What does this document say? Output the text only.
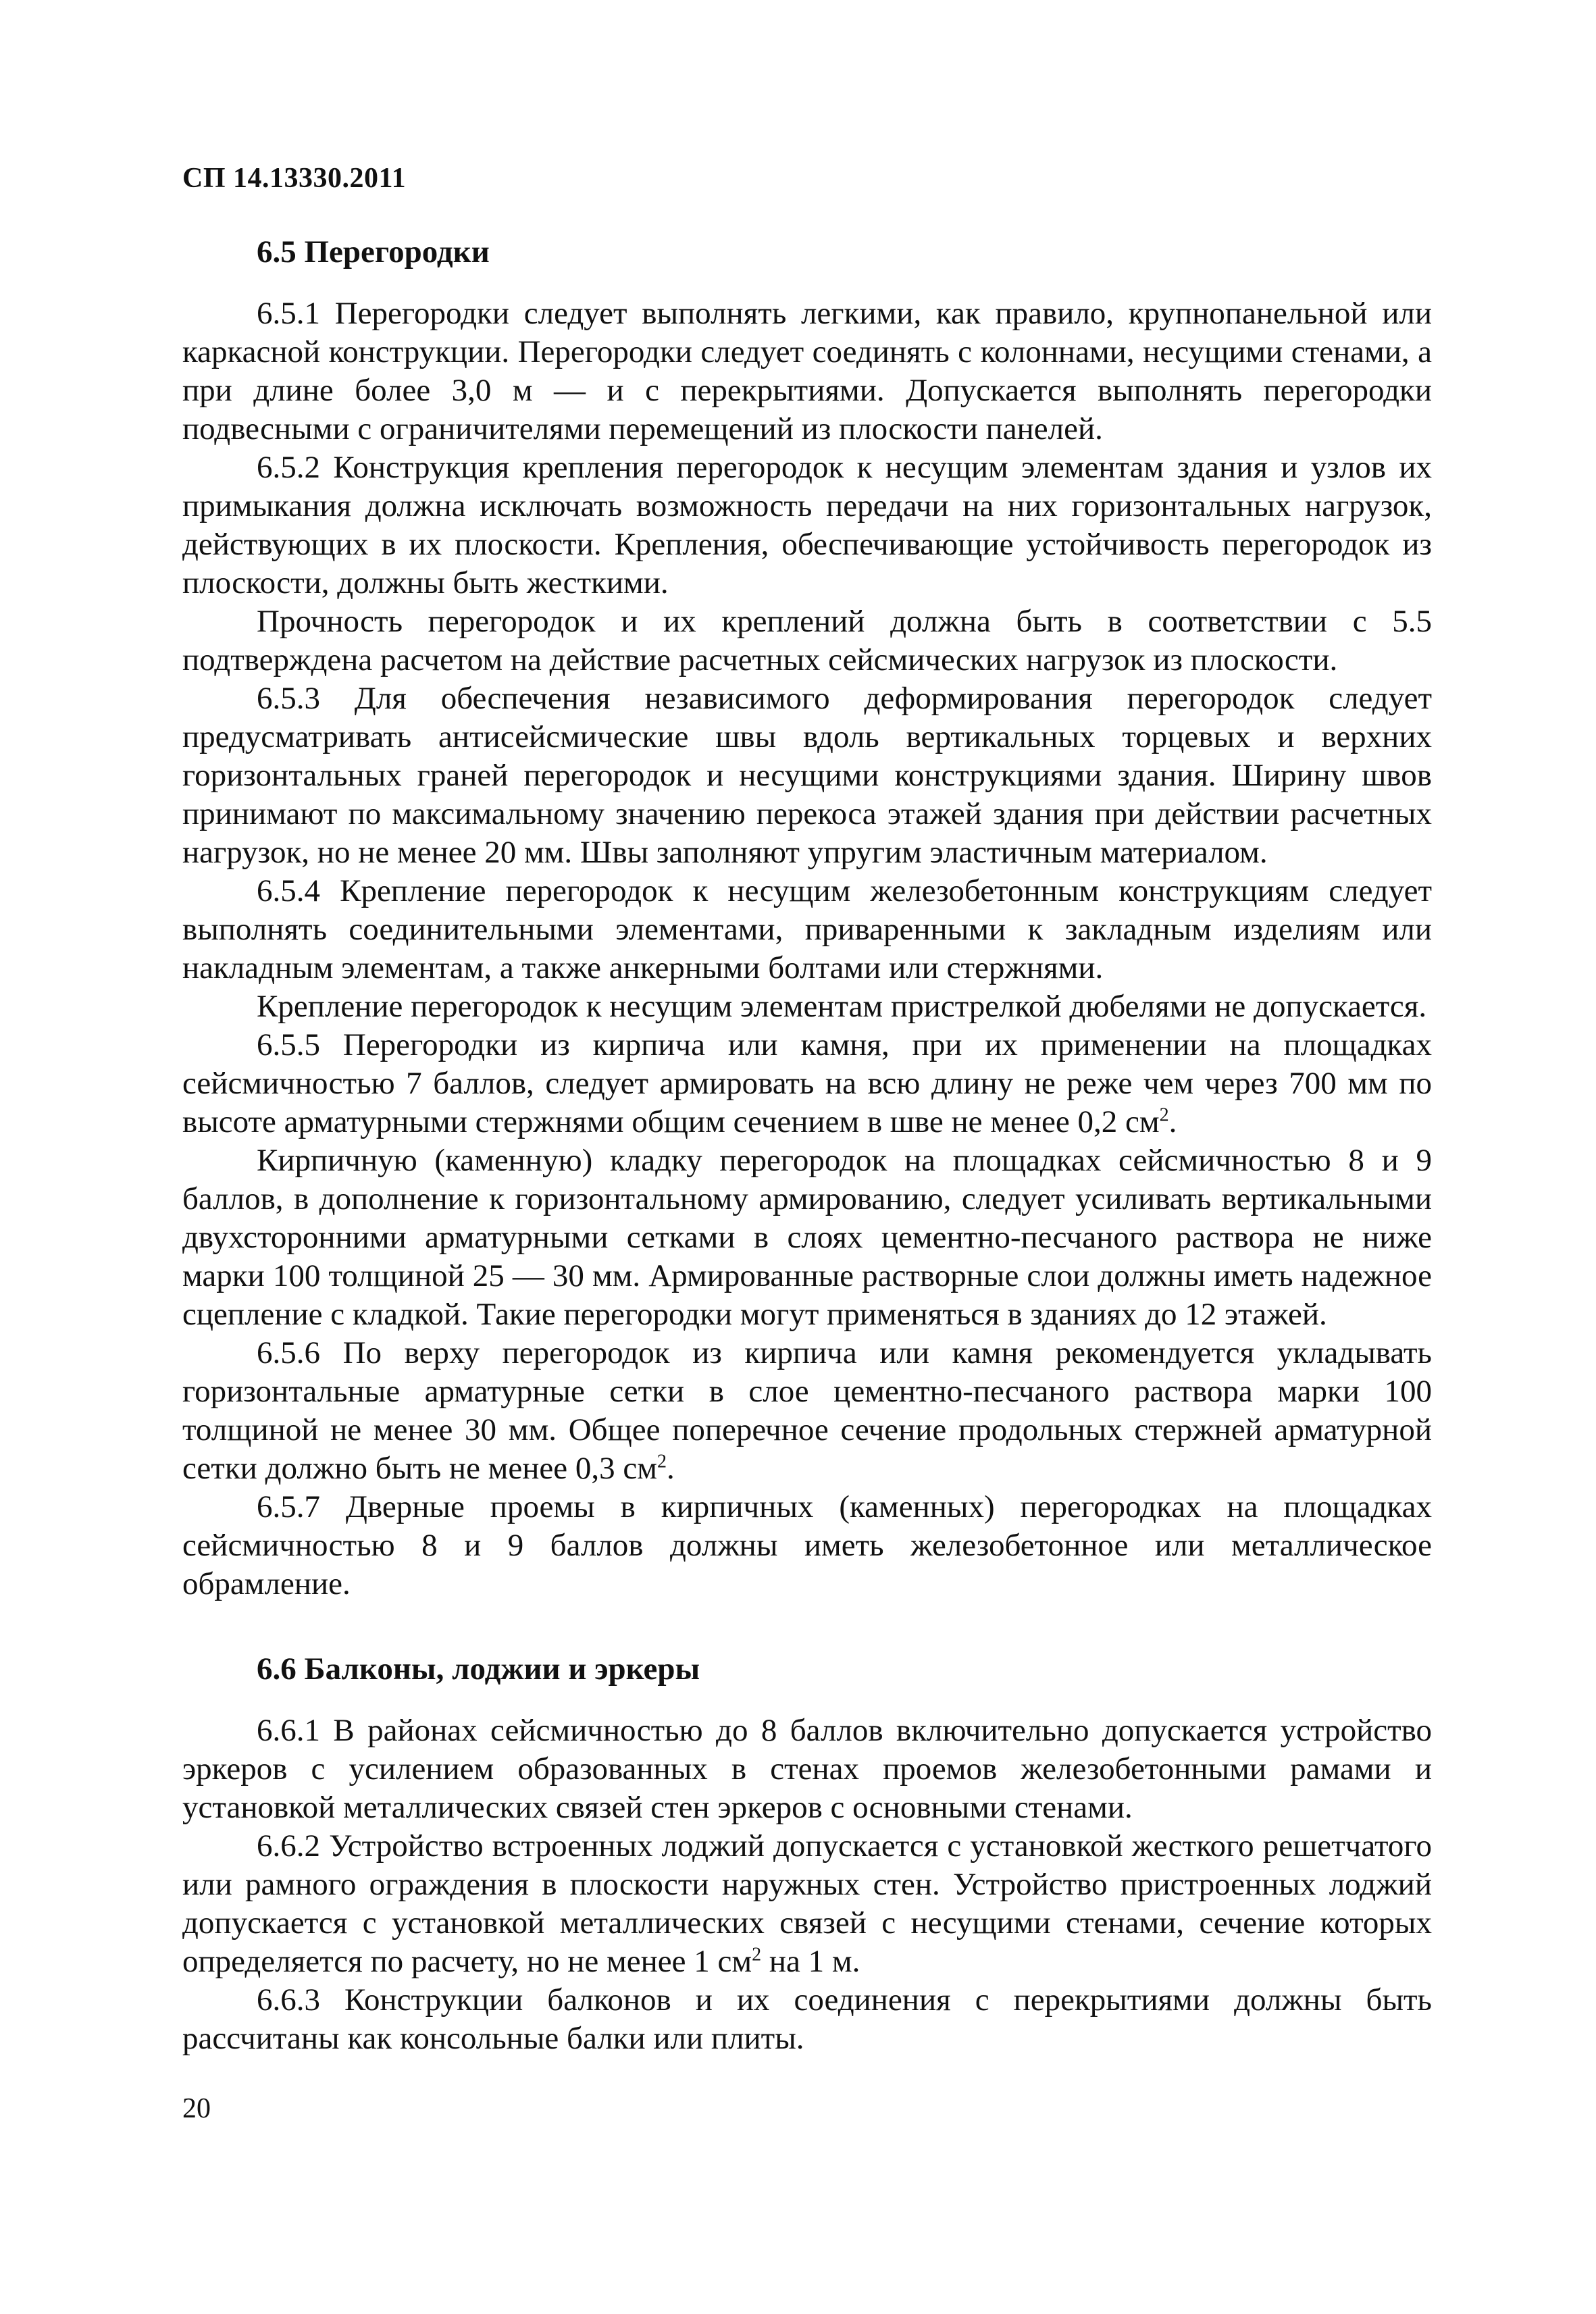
СП 14.13330.2011
6.5 Перегородки

6.5.1 Перегородки следует выполнять легкими, как правило, крупнопанельной или каркасной конструкции. Перегородки следует соединять с колоннами, несущими стенами, а при длине более 3,0 м — и с перекрытиями. Допускается выполнять перегородки подвесными с ограничителями перемещений из плоскости панелей.

6.5.2 Конструкция крепления перегородок к несущим элементам здания и узлов их примыкания должна исключать возможность передачи на них горизонтальных нагрузок, действующих в их плоскости. Крепления, обеспечивающие устойчивость перегородок из плоскости, должны быть жесткими.

Прочность перегородок и их креплений должна быть в соответствии с 5.5 подтверждена расчетом на действие расчетных сейсмических нагрузок из плоскости.

6.5.3 Для обеспечения независимого деформирования перегородок следует предусматривать антисейсмические швы вдоль вертикальных торцевых и верхних горизонтальных граней перегородок и несущими конструкциями здания. Ширину швов принимают по максимальному значению перекоса этажей здания при действии расчетных нагрузок, но не менее 20 мм. Швы заполняют упругим эластичным материалом.

6.5.4 Крепление перегородок к несущим железобетонным конструкциям следует выполнять соединительными элементами, приваренными к закладным изделиям или накладным элементам, а также анкерными болтами или стержнями.

Крепление перегородок к несущим элементам пристрелкой дюбелями не допускается.

6.5.5 Перегородки из кирпича или камня, при их применении на площадках сейсмичностью 7 баллов, следует армировать на всю длину не реже чем через 700 мм по высоте арматурными стержнями общим сечением в шве не менее 0,2 $см^2$.

Кирпичную (каменную) кладку перегородок на площадках сейсмичностью 8 и 9 баллов, в дополнение к горизонтальному армированию, следует усиливать вертикальными двухсторонними арматурными сетками в слоях цементно-песчаного раствора не ниже марки 100 толщиной 25 — 30 мм. Армированные растворные слои должны иметь надежное сцепление с кладкой. Такие перегородки могут применяться в зданиях до 12 этажей.

6.5.6 По верху перегородок из кирпича или камня рекомендуется укладывать горизонтальные арматурные сетки в слое цементно-песчаного раствора марки 100 толщиной не менее 30 мм. Общее поперечное сечение продольных стержней арматурной сетки должно быть не менее 0,3 $см^2$.

6.5.7 Дверные проемы в кирпичных (каменных) перегородках на площадках сейсмичностью 8 и 9 баллов должны иметь железобетонное или металлическое обрамление.

6.6 Балконы, лоджии и эркеры

6.6.1 В районах сейсмичностью до 8 баллов включительно допускается устройство эркеров с усилением образованных в стенах проемов железобетонными рамами и установкой металлических связей стен эркеров с основными стенами.

6.6.2 Устройство встроенных лоджий допускается с установкой жесткого решетчатого или рамного ограждения в плоскости наружных стен. Устройство пристроенных лоджий допускается с установкой металлических связей с несущими стенами, сечение которых определяется по расчету, но не менее 1 $см^2$ на 1 м.

6.6.3 Конструкции балконов и их соединения с перекрытиями должны быть рассчитаны как консольные балки или плиты.

20
